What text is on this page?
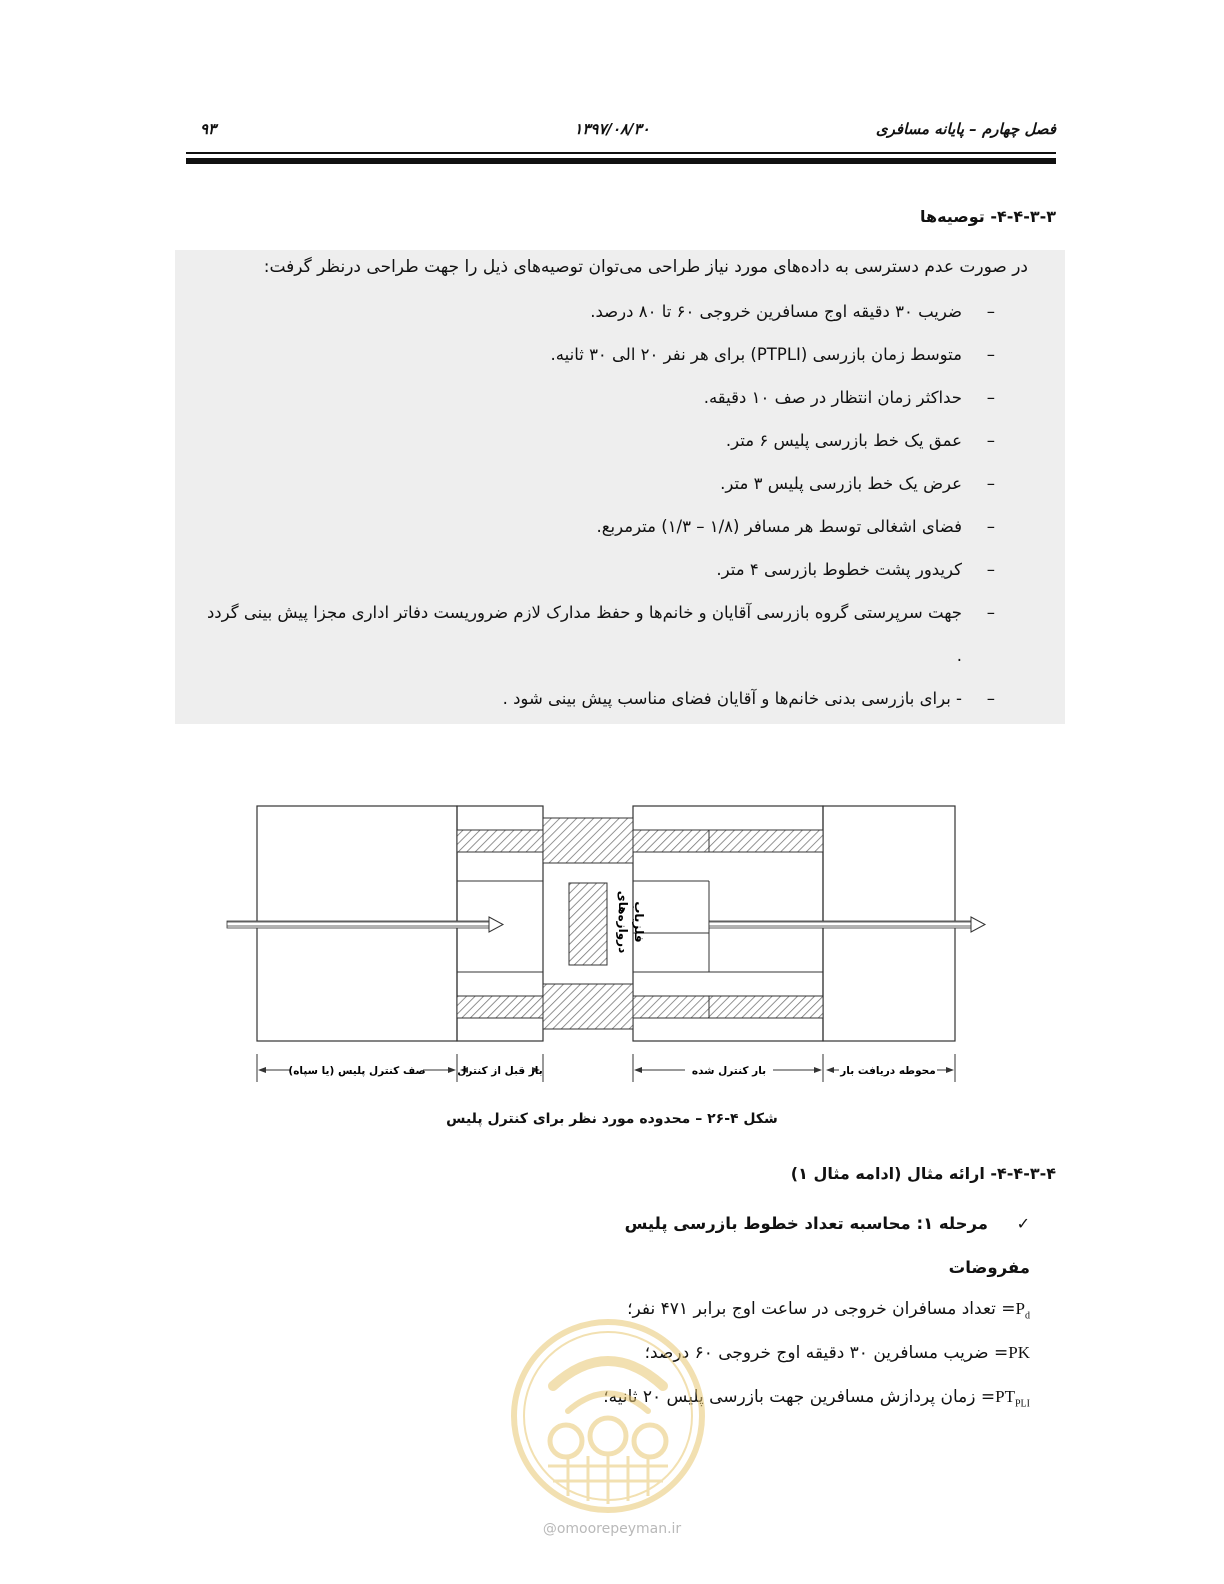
فصل چهارم – پایانه مسافری
۱۳۹۷/۰۸/۳۰
۹۳
۴-۴-۳-۳- توصیه‌ها
در صورت عدم دسترسی به داده‌های مورد نیاز طراحی می‌توان توصیه‌های ذیل را جهت طراحی درنظر گرفت:
–
ضریب ۳۰ دقیقه اوج مسافرین خروجی ۶۰ تا ۸۰ درصد.
–
متوسط زمان بازرسی (PTPLI) برای هر نفر ۲۰ الی ۳۰ ثانیه.
–
حداکثر زمان انتظار در صف ۱۰ دقیقه.
–
عمق یک خط بازرسی پلیس ۶ متر.
–
عرض یک خط بازرسی پلیس ۳ متر.
–
فضای اشغالی توسط هر مسافر (۱/۸ – ۱/۳) مترمربع.
–
کریدور پشت خطوط بازرسی ۴ متر.
–
جهت سرپرستی گروه بازرسی آقایان و خانم‌ها و حفظ مدارک لازم ضروریست دفاتر اداری مجزا پیش بینی گردد .
–
- برای بازرسی بدنی خانم‌ها و آقایان فضای مناسب پیش بینی شود .
دروازه‌های فلزیاب
صف کنترل پلیس (یا سپاه)	بار قبل از کنترل	بار کنترل شده	محوطه دریافت بار
شکل ۴-۲۶ – محدوده مورد نظر برای کنترل پلیس
۴-۴-۳-۴- ارائه مثال (ادامه مثال ۱)
✓
مرحله ۱: محاسبه تعداد خطوط بازرسی پلیس
مفروضات
$P_d=$ تعداد مسافران خروجی در ساعت اوج برابر ۴۷۱ نفر؛
PK= ضریب مسافرین ۳۰ دقیقه اوج خروجی ۶۰ درصد؛
$PT_{PLI}=$ زمان پردازش مسافرین جهت بازرسی پلیس ۲۰ ثانیه؛
@omoorepeyman.ir
